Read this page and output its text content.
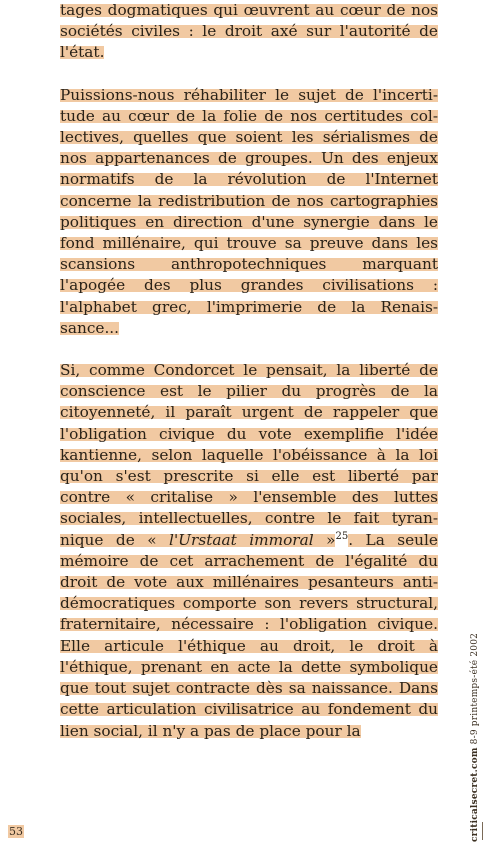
tages dogmatiques qui œuvrent au cœur de nos sociétés civiles : le droit axé sur l'autorité de l'état.

Puissions-nous réhabiliter le sujet de l'incertitude au cœur de la folie de nos certitudes collectives, quelles que soient les sérialismes de nos appartenances de groupes. Un des enjeux normatifs de la révolution de l'Internet concerne la redistribution de nos cartographies politiques en direction d'une synergie dans le fond millénaire, qui trouve sa preuve dans les scansions anthropotechniques marquant l'apogée des plus grandes civilisations : l'alphabet grec, l'imprimerie de la Renaissance...

Si, comme Condorcet le pensait, la liberté de conscience est le pilier du progrès de la citoyenneté, il paraît urgent de rappeler que l'obligation civique du vote exemplifie l'idée kantienne, selon laquelle l'obéissance à la loi qu'on s'est prescrite si elle est liberté par contre « critalise » l'ensemble des luttes sociales, intellectuelles, contre le fait tyrannique de « l'Urstaat immoral »$^{25}$. La seule mémoire de cet arrachement de l'égalité du droit de vote aux millénaires pesanteurs antidémocratiques comporte son revers structural, fraternitaire, nécessaire : l'obligation civique. Elle articule l'éthique au droit, le droit à l'éthique, prenant en acte la dette symbolique que tout sujet contracte dès sa naissance. Dans cette articulation civilisatrice au fondement du lien social, il n'y a pas de place pour la

53	criticalsecret.com 8-9 printemps-été 2002
